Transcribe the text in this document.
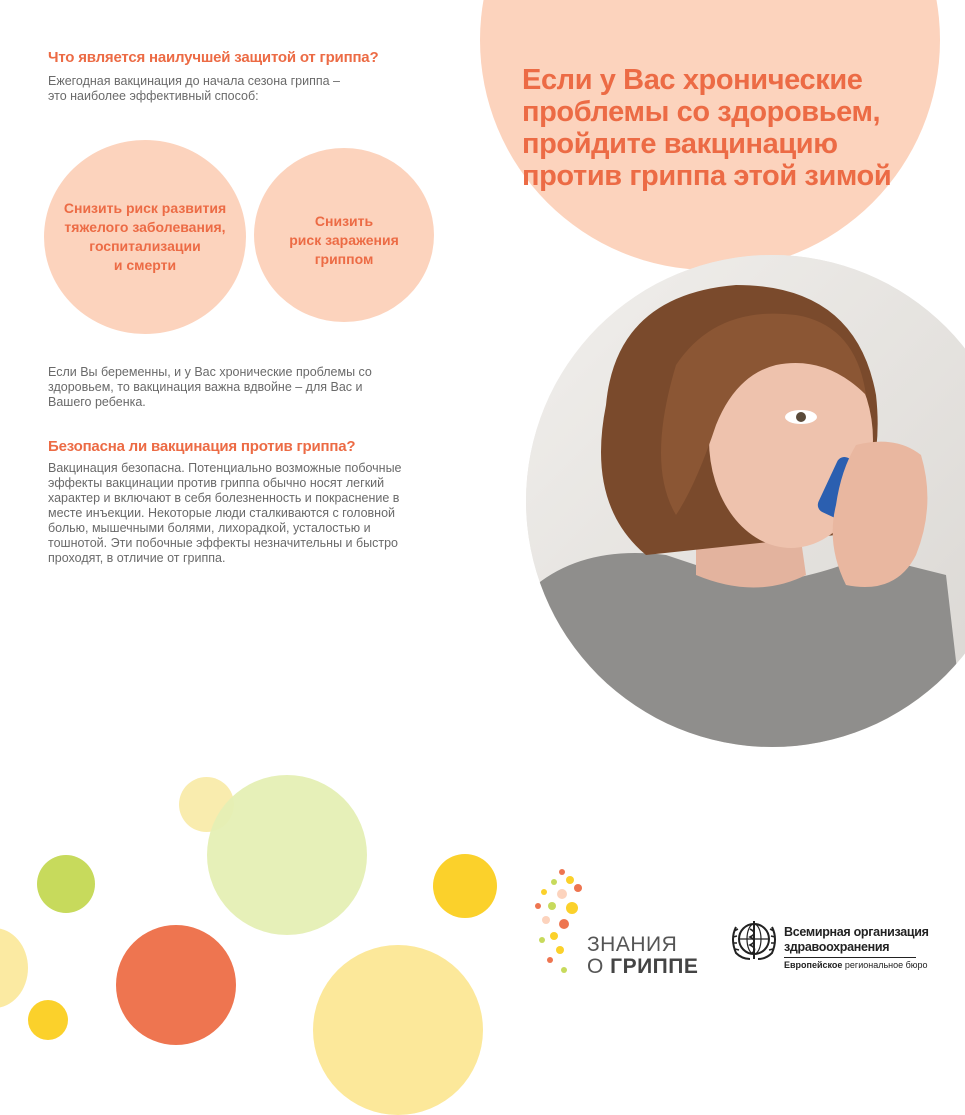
Если у Вас хронические
проблемы со здоровьем,
пройдите вакцинацию
против гриппа этой зимой
Что является наилучшей защитой от гриппа?
Ежегодная вакцинация до начала сезона гриппа –
это наиболее эффективный способ:
Снизить риск развития
тяжелого заболевания,
госпитализации
и смерти
Снизить
риск заражения
гриппом
Если Вы беременны, и у Вас хронические проблемы со
здоровьем, то вакцинация важна вдвойне – для Вас и
Вашего ребенка.
Безопасна ли вакцинация против гриппа?
Вакцинация безопасна. Потенциально возможные побочные
эффекты вакцинации против гриппа обычно носят легкий
характер и включают в себя болезненность и покраснение в
месте инъекции. Некоторые люди сталкиваются с головной
болью, мышечными болями, лихорадкой, усталостью и
тошнотой. Эти побочные эффекты незначительны и быстро
проходят, в отличие от гриппа.
ЗНАНИЯ
О ГРИППЕ
Всемирная организация
здравоохранения
Европейское региональное бюро
